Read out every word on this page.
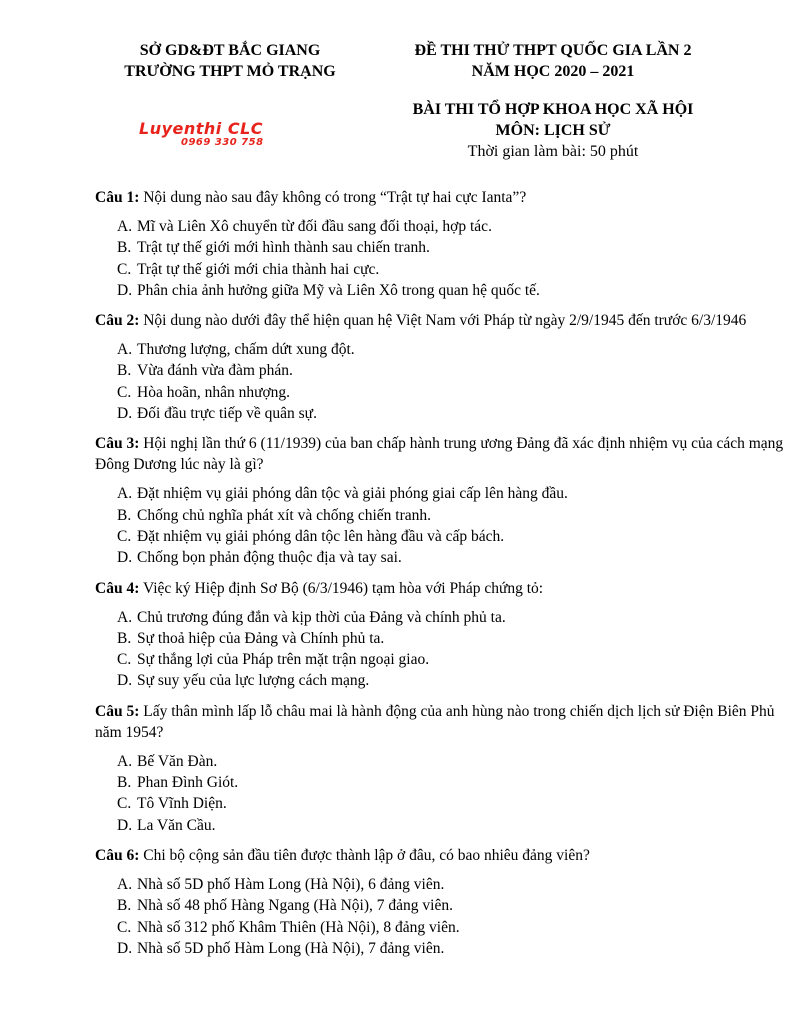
SỞ GD&ĐT BẮC GIANG
TRƯỜNG THPT MỎ TRẠNG
Luyenthi CLC
0969 330 758
ĐỀ THI THỬ THPT QUỐC GIA LẦN 2
NĂM HỌC 2020 – 2021
BÀI THI TỔ HỢP KHOA HỌC XÃ HỘI
MÔN: LỊCH SỬ
Thời gian làm bài: 50 phút
Câu 1: Nội dung nào sau đây không có trong “Trật tự hai cực Ianta”?
A. Mĩ và Liên Xô chuyển từ đối đầu sang đối thoại, hợp tác.
B. Trật tự thế giới mới hình thành sau chiến tranh.
C. Trật tự thế giới mới chia thành hai cực.
D. Phân chia ảnh hưởng giữa Mỹ và Liên Xô trong quan hệ quốc tế.
Câu 2: Nội dung nào dưới đây thể hiện quan hệ Việt Nam với Pháp từ ngày 2/9/1945 đến trước 6/3/1946
A. Thương lượng, chấm dứt xung đột.
B. Vừa đánh vừa đàm phán.
C. Hòa hoãn, nhân nhượng.
D. Đối đầu trực tiếp về quân sự.
Câu 3: Hội nghị lần thứ 6 (11/1939) của ban chấp hành trung ương Đảng đã xác định nhiệm vụ của cách mạng Đông Dương lúc này là gì?
A. Đặt nhiệm vụ giải phóng dân tộc và giải phóng giai cấp lên hàng đầu.
B. Chống chủ nghĩa phát xít và chống chiến tranh.
C. Đặt nhiệm vụ giải phóng dân tộc lên hàng đầu và cấp bách.
D. Chống bọn phản động thuộc địa và tay sai.
Câu 4: Việc ký Hiệp định Sơ Bộ (6/3/1946) tạm hòa với Pháp chứng tỏ:
A. Chủ trương đúng đắn và kịp thời của Đảng và chính phủ ta.
B. Sự thoả hiệp của Đảng và Chính phủ ta.
C. Sự thắng lợi của Pháp trên mặt trận ngoại giao.
D. Sự suy yếu của lực lượng cách mạng.
Câu 5: Lấy thân mình lấp lỗ châu mai là hành động của anh hùng nào trong chiến dịch lịch sử Điện Biên Phủ năm 1954?
A. Bế Văn Đàn.
B. Phan Đình Giót.
C. Tô Vĩnh Diện.
D. La Văn Cầu.
Câu 6: Chi bộ cộng sản đầu tiên được thành lập ở đâu, có bao nhiêu đảng viên?
A. Nhà số 5D phố Hàm Long (Hà Nội), 6 đảng viên.
B. Nhà số 48 phố Hàng Ngang (Hà Nội), 7 đảng viên.
C. Nhà số 312 phố Khâm Thiên (Hà Nội), 8 đảng viên.
D. Nhà số 5D phố Hàm Long (Hà Nội), 7 đảng viên.
